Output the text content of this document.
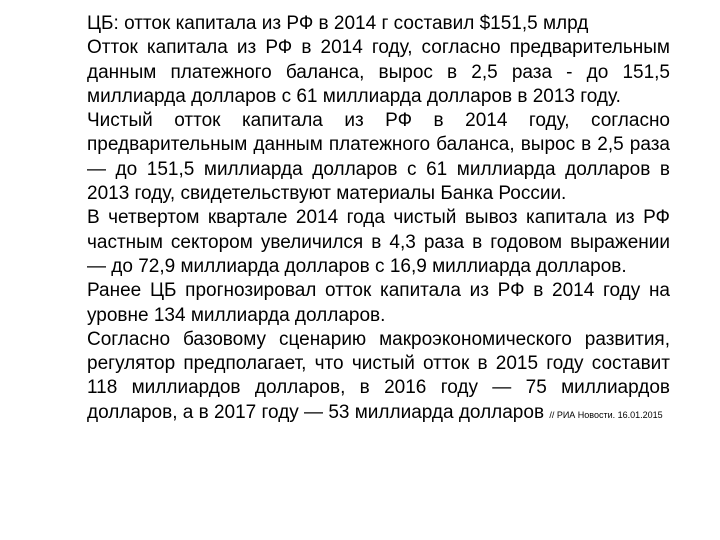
ЦБ: отток капитала из РФ в 2014 г составил $151,5 млрд

Отток капитала из РФ в 2014 году, согласно предварительным данным платежного баланса, вырос в 2,5 раза - до 151,5 миллиарда долларов с 61 миллиарда долларов в 2013 году.

Чистый отток капитала из РФ в 2014 году, согласно предварительным данным платежного баланса, вырос в 2,5 раза — до 151,5 миллиарда долларов с 61 миллиарда долларов в 2013 году, свидетельствуют материалы Банка России.

В четвертом квартале 2014 года чистый вывоз капитала из РФ частным сектором увеличился в 4,3 раза в годовом выражении — до 72,9 миллиарда долларов с 16,9 миллиарда долларов.

Ранее ЦБ прогнозировал отток капитала из РФ в 2014 году на уровне 134 миллиарда долларов.

Согласно базовому сценарию макроэкономического развития, регулятор предполагает, что чистый отток в 2015 году составит 118 миллиардов долларов, в 2016 году — 75 миллиардов долларов, а в 2017 году — 53 миллиарда долларов // РИА Новости. 16.01.2015
